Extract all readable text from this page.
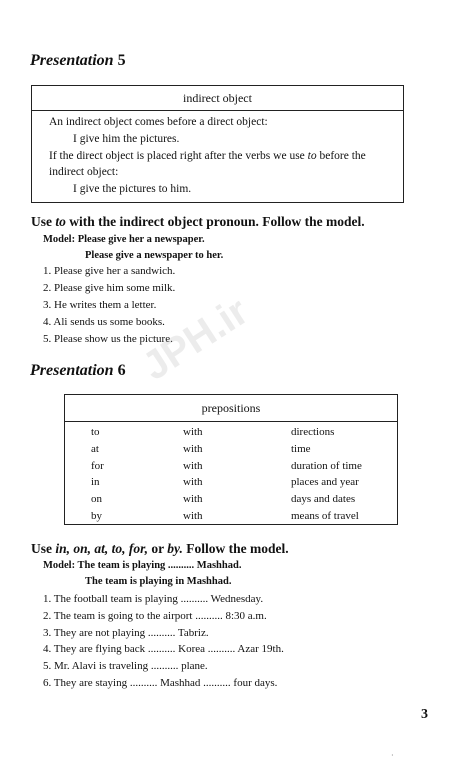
Presentation 5
indirect object
An indirect object comes before a direct object:
I give him the pictures.
If the direct object is placed right after the verbs we use to before the
indirect object:
I give the pictures to him.
Use to with the indirect object pronoun. Follow the model.
Model: Please give her a newspaper.
Please give a newspaper to her.
1. Please give her a sandwich.
2. Please give him some milk.
3. He writes them a letter.
4. Ali sends us some books.
5. Please show us the picture.
Presentation 6
prepositions
to	with	directions
at	with	time
for	with	duration of time
in	with	places and year
on	with	days and dates
by	with	means of travel
Use in, on, at, to, for, or by. Follow the model.
Model: The team is playing .......... Mashhad.
The team is playing in Mashhad.
1. The football team is playing .......... Wednesday.
2. The team is going to the airport .......... 8:30 a.m.
3. They are not playing .......... Tabriz.
4. They are flying back .......... Korea .......... Azar 19th.
5. Mr. Alavi is traveling .......... plane.
6. They are staying .......... Mashhad .......... four days.
3
JPH.ir
·
